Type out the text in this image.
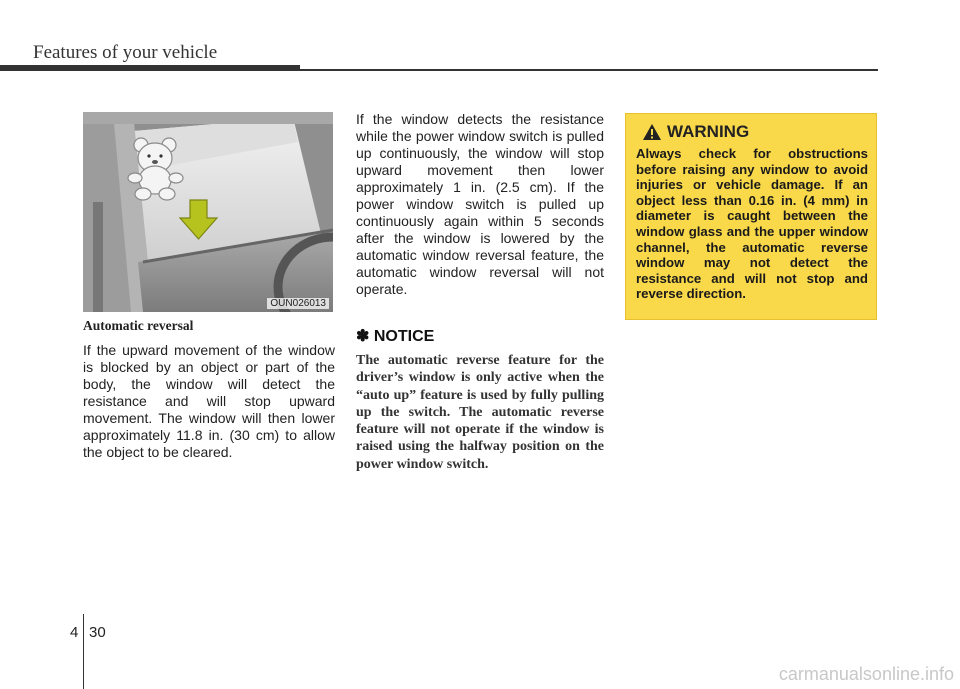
Features of your vehicle
OUN026013

Automatic reversal

If the upward movement of the window is blocked by an object or part of the body, the window will detect the resistance and will stop upward movement. The window will then lower approximately 11.8 in. (30 cm) to allow the object to be cleared.

If the window detects the resistance while the power window switch is pulled up continuously, the window will stop upward movement then lower approximately 1 in. (2.5 cm). If the power window switch is pulled up continuously again within 5 seconds after the window is lowered by the automatic window reversal feature, the automatic window reversal will not operate.

✽ NOTICE

The automatic reverse feature for the driver’s window is only active when the “auto up” feature is used by fully pulling up the switch. The automatic reverse feature will not operate if the window is raised using the halfway position on the power window switch.

WARNING

Always check for obstructions before raising any window to avoid injuries or vehicle damage. If an object less than 0.16 in. (4 mm) in diameter is caught between the window glass and the upper window channel, the automatic reverse window may not detect the resistance and will not stop and reverse direction.

4 30
carmanualsonline.info
